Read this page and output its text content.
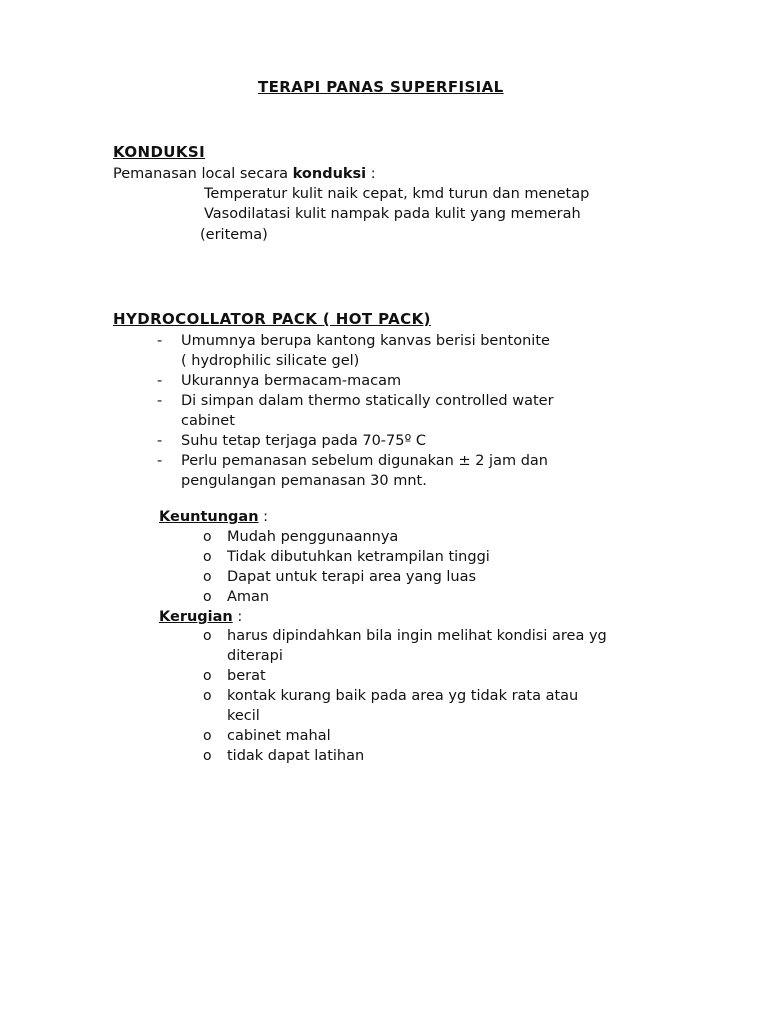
TERAPI PANAS SUPERFISIAL
KONDUKSI
Pemanasan local secara konduksi :
Temperatur kulit naik cepat, kmd turun dan menetap
Vasodilatasi kulit nampak pada kulit yang memerah
(eritema)
HYDROCOLLATOR PACK ( HOT PACK)
- Umumnya berupa kantong kanvas berisi bentonite
( hydrophilic silicate gel)
- Ukurannya bermacam-macam
- Di simpan dalam thermo statically controlled water
cabinet
- Suhu tetap terjaga pada 70-75º C
- Perlu pemanasan sebelum digunakan ± 2 jam dan
pengulangan pemanasan 30 mnt.
Keuntungan :
o Mudah penggunaannya
o Tidak dibutuhkan ketrampilan tinggi
o Dapat untuk terapi area yang luas
o Aman
Kerugian :
o harus dipindahkan bila ingin melihat kondisi area yg
diterapi
o berat
o kontak kurang baik pada area yg tidak rata atau
kecil
o cabinet mahal
o tidak dapat latihan
